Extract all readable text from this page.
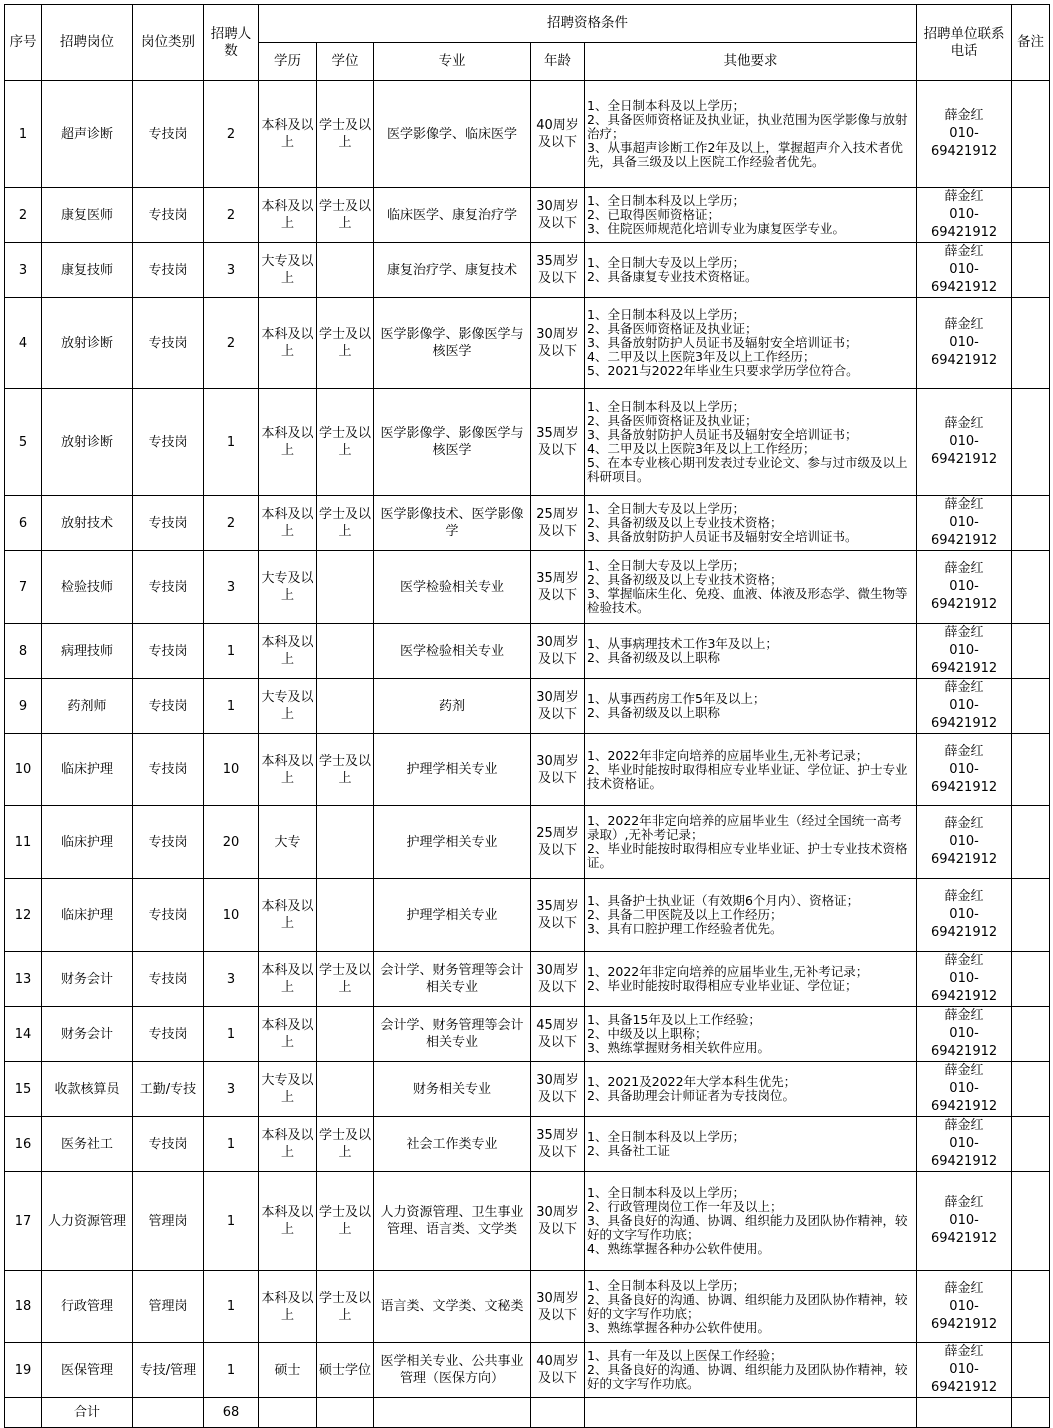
序号	招聘岗位	岗位类别	招聘人数	招聘资格条件					招聘单位联系电话	备注
				学历	学位	专业	年龄	其他要求		
1	超声诊断	专技岗	2	本科及以上	学士及以上	医学影像学、临床医学	40周岁及以下	1、全日制本科及以上学历；
2、具备医师资格证及执业证，执业范围为医学影像与放射治疗；
3、从事超声诊断工作2年及以上，掌握超声介入技术者优先，具备三级及以上医院工作经验者优先。	薛金红
010-
69421912	

2	康复医师	专技岗	2	本科及以上	学士及以上	临床医学、康复治疗学	30周岁及以下	1、全日制本科及以上学历；
2、已取得医师资格证；
3、住院医师规范化培训专业为康复医学专业。	薛金红
010-
69421912	

3	康复技师	专技岗	3	大专及以上		康复治疗学、康复技术	35周岁及以下	1、全日制大专及以上学历；
2、具备康复专业技术资格证。	薛金红
010-
69421912	

4	放射诊断	专技岗	2	本科及以上	学士及以上	医学影像学、影像医学与核医学	30周岁及以下	1、全日制本科及以上学历；
2、具备医师资格证及执业证；
3、具备放射防护人员证书及辐射安全培训证书；
4、二甲及以上医院3年及以上工作经历；
5、2021与2022年毕业生只要求学历学位符合。	薛金红
010-
69421912	

5	放射诊断	专技岗	1	本科及以上	学士及以上	医学影像学、影像医学与核医学	35周岁及以下	1、全日制本科及以上学历；
2、具备医师资格证及执业证；
3、具备放射防护人员证书及辐射安全培训证书；
4、二甲及以上医院3年及以上工作经历；
5、在本专业核心期刊发表过专业论文、参与过市级及以上科研项目。	薛金红
010-
69421912	

6	放射技术	专技岗	2	本科及以上	学士及以上	医学影像技术、医学影像学	25周岁及以下	1、全日制大专及以上学历；
2、具备初级及以上专业技术资格；
3、具备放射防护人员证书及辐射安全培训证书。	薛金红
010-
69421912	

7	检验技师	专技岗	3	大专及以上		医学检验相关专业	35周岁及以下	1、全日制大专及以上学历；
2、具备初级及以上专业技术资格；
3、掌握临床生化、免疫、血液、体液及形态学、微生物等检验技术。	薛金红
010-
69421912	

8	病理技师	专技岗	1	本科及以上		医学检验相关专业	30周岁及以下	1、从事病理技术工作3年及以上；
2、具备初级及以上职称	薛金红
010-
69421912	

9	药剂师	专技岗	1	大专及以上		药剂	30周岁及以下	1、从事西药房工作5年及以上；
2、具备初级及以上职称	薛金红
010-
69421912	

10	临床护理	专技岗	10	本科及以上	学士及以上	护理学相关专业	30周岁及以下	1、2022年非定向培养的应届毕业生,无补考记录；
2、毕业时能按时取得相应专业毕业证、学位证、护士专业技术资格证。	薛金红
010-
69421912	

11	临床护理	专技岗	20	大专		护理学相关专业	25周岁及以下	1、2022年非定向培养的应届毕业生（经过全国统一高考录取）,无补考记录；
2、毕业时能按时取得相应专业毕业证、护士专业技术资格证。	薛金红
010-
69421912	

12	临床护理	专技岗	10	本科及以上		护理学相关专业	35周岁及以下	1、具备护士执业证（有效期6个月内）、资格证；
2、具备二甲医院及以上工作经历；
3、具有口腔护理工作经验者优先。	薛金红
010-
69421912	

13	财务会计	专技岗	3	本科及以上	学士及以上	会计学、财务管理等会计相关专业	30周岁及以下	1、2022年非定向培养的应届毕业生,无补考记录；
2、毕业时能按时取得相应专业毕业证、学位证；	薛金红
010-
69421912	

14	财务会计	专技岗	1	本科及以上		会计学、财务管理等会计相关专业	45周岁及以下	1、具备15年及以上工作经验；
2、中级及以上职称；
3、熟练掌握财务相关软件应用。	薛金红
010-
69421912	

15	收款核算员	工勤/专技	3	大专及以上		财务相关专业	30周岁及以下	1、2021及2022年大学本科生优先；
2、具备助理会计师证者为专技岗位。	薛金红
010-
69421912	

16	医务社工	专技岗	1	本科及以上	学士及以上	社会工作类专业	35周岁及以下	1、全日制本科及以上学历；
2、具备社工证	薛金红
010-
69421912	

17	人力资源管理	管理岗	1	本科及以上	学士及以上	人力资源管理、卫生事业管理、语言类、文学类	30周岁及以下	1、全日制本科及以上学历；
2、行政管理岗位工作一年及以上；
3、具备良好的沟通、协调、组织能力及团队协作精神，较好的文字写作功底；
4、熟练掌握各种办公软件使用。	薛金红
010-
69421912	

18	行政管理	管理岗	1	本科及以上	学士及以上	语言类、文学类、文秘类	30周岁及以下	1、全日制本科及以上学历；
2、具备良好的沟通、协调、组织能力及团队协作精神，较好的文字写作功底；
3、熟练掌握各种办公软件使用。	薛金红
010-
69421912	

19	医保管理	专技/管理	1	硕士	硕士学位	医学相关专业、公共事业管理（医保方向）	40周岁及以下	1、具有一年及以上医保工作经验；
2、具备良好的沟通、协调、组织能力及团队协作精神，较好的文字写作功底。	薛金红
010-
69421912	

	合计		68							
